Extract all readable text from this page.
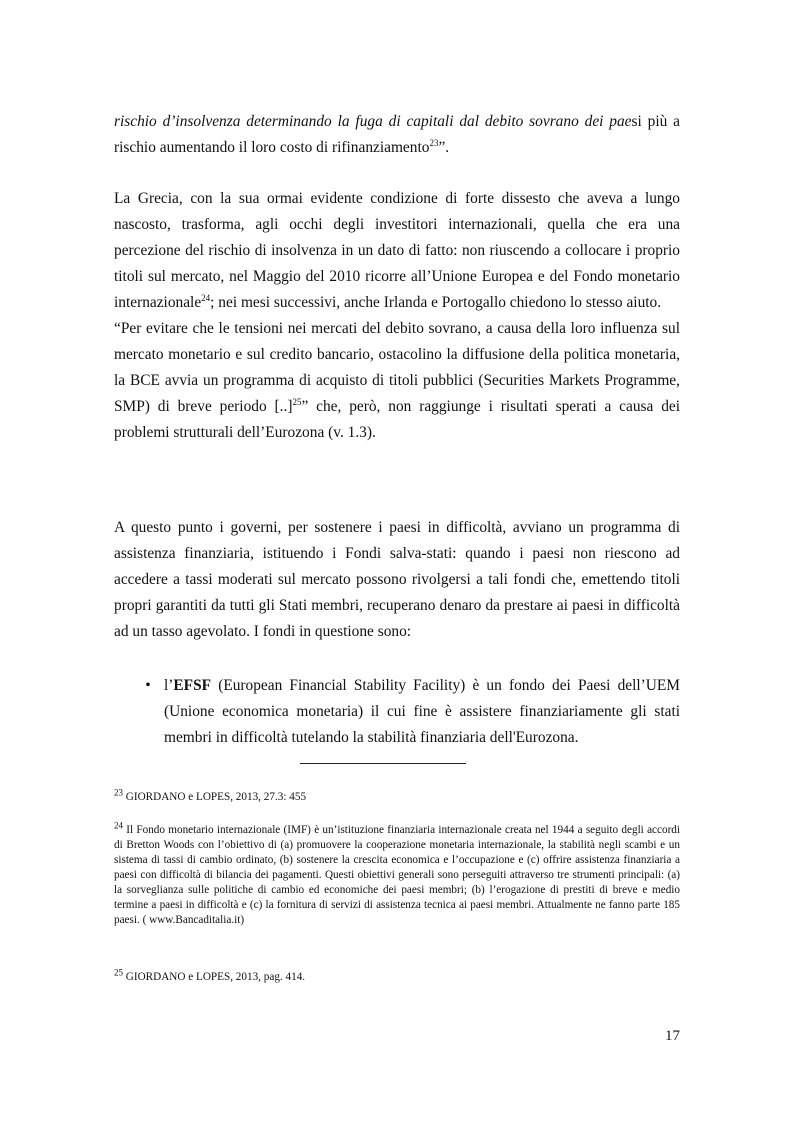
rischio d’insolvenza determinando la fuga di capitali dal debito sovrano dei paesi più a rischio aumentando il loro costo di rifinanziamento$^{23}$”.

La Grecia, con la sua ormai evidente condizione di forte dissesto che aveva a lungo nascosto, trasforma, agli occhi degli investitori internazionali, quella che era una percezione del rischio di insolvenza in un dato di fatto: non riuscendo a collocare i proprio titoli sul mercato, nel Maggio del 2010 ricorre all’Unione Europea e del Fondo monetario internazionale$^{24}$; nei mesi successivi, anche Irlanda e Portogallo chiedono lo stesso aiuto.

“Per evitare che le tensioni nei mercati del debito sovrano, a causa della loro influenza sul mercato monetario e sul credito bancario, ostacolino la diffusione della politica monetaria, la BCE avvia un programma di acquisto di titoli pubblici (Securities Markets Programme, SMP) di breve periodo [..]$^{25}$” che, però, non raggiunge i risultati sperati a causa dei problemi strutturali dell’Eurozona (v. 1.3).

A questo punto i governi, per sostenere i paesi in difficoltà, avviano un programma di assistenza finanziaria, istituendo i Fondi salva-stati: quando i paesi non riescono ad accedere a tassi moderati sul mercato possono rivolgersi a tali fondi che, emettendo titoli propri garantiti da tutti gli Stati membri, recuperano denaro da prestare ai paesi in difficoltà ad un tasso agevolato. I fondi in questione sono:

• l’EFSF (European Financial Stability Facility) è un fondo dei Paesi dell’UEM (Unione economica monetaria) il cui fine è assistere finanziariamente gli stati membri in difficoltà tutelando la stabilità finanziaria dell'Eurozona.
$^{23}$ GIORDANO e LOPES, 2013, 27.3: 455
$^{24}$ Il Fondo monetario internazionale (IMF) è un’istituzione finanziaria internazionale creata nel 1944 a seguito degli accordi di Bretton Woods con l’obiettivo di (a) promuovere la cooperazione monetaria internazionale, la stabilità negli scambi e un sistema di tassi di cambio ordinato, (b) sostenere la crescita economica e l’occupazione e (c) offrire assistenza finanziaria a paesi con difficoltà di bilancia dei pagamenti. Questi obiettivi generali sono perseguiti attraverso tre strumenti principali: (a) la sorveglianza sulle politiche di cambio ed economiche dei paesi membri; (b) l’erogazione di prestiti di breve e medio termine a paesi in difficoltà e (c) la fornitura di servizi di assistenza tecnica ai paesi membri. Attualmente ne fanno parte 185 paesi. ( www.Bancaditalia.it)
$^{25}$ GIORDANO e LOPES, 2013, pag. 414.
17
